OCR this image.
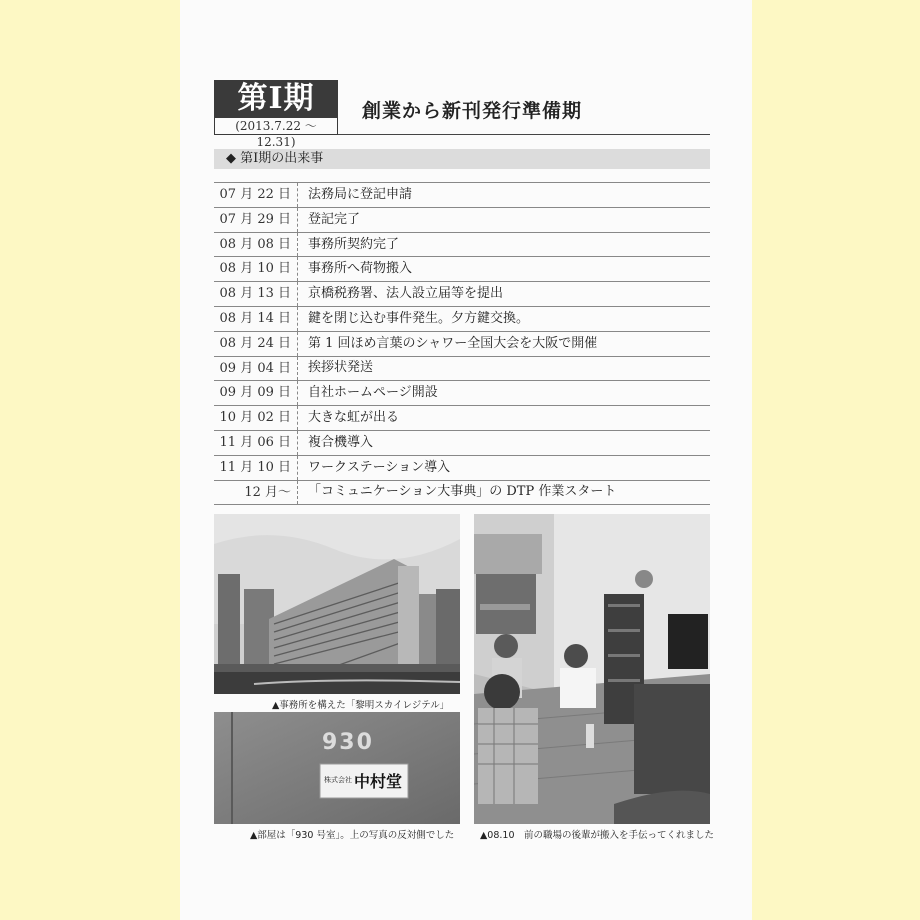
第Ⅰ期
(2013.7.22 ～ 12.31)
創業から新刊発行準備期
◆ 第Ⅰ期の出来事
07 月 22 日	法務局に登記申請
07 月 29 日	登記完了
08 月 08 日	事務所契約完了
08 月 10 日	事務所へ荷物搬入
08 月 13 日	京橋税務署、法人設立届等を提出
08 月 14 日	鍵を閉じ込む事件発生。夕方鍵交換。
08 月 24 日	第 1 回ほめ言葉のシャワー全国大会を大阪で開催
09 月 04 日	挨拶状発送
09 月 09 日	自社ホームページ開設
10 月 02 日	大きな虹が出る
11 月 06 日	複合機導入
11 月 10 日	ワークステーション導入
12 月～	「コミュニケーション大事典」の DTP 作業スタート
▲事務所を構えた「黎明スカイレジテル」
930
株式会社 中村堂
▲部屋は「930 号室」。上の写真の反対側でした	▲08.10　前の職場の後輩が搬入を手伝ってくれました
